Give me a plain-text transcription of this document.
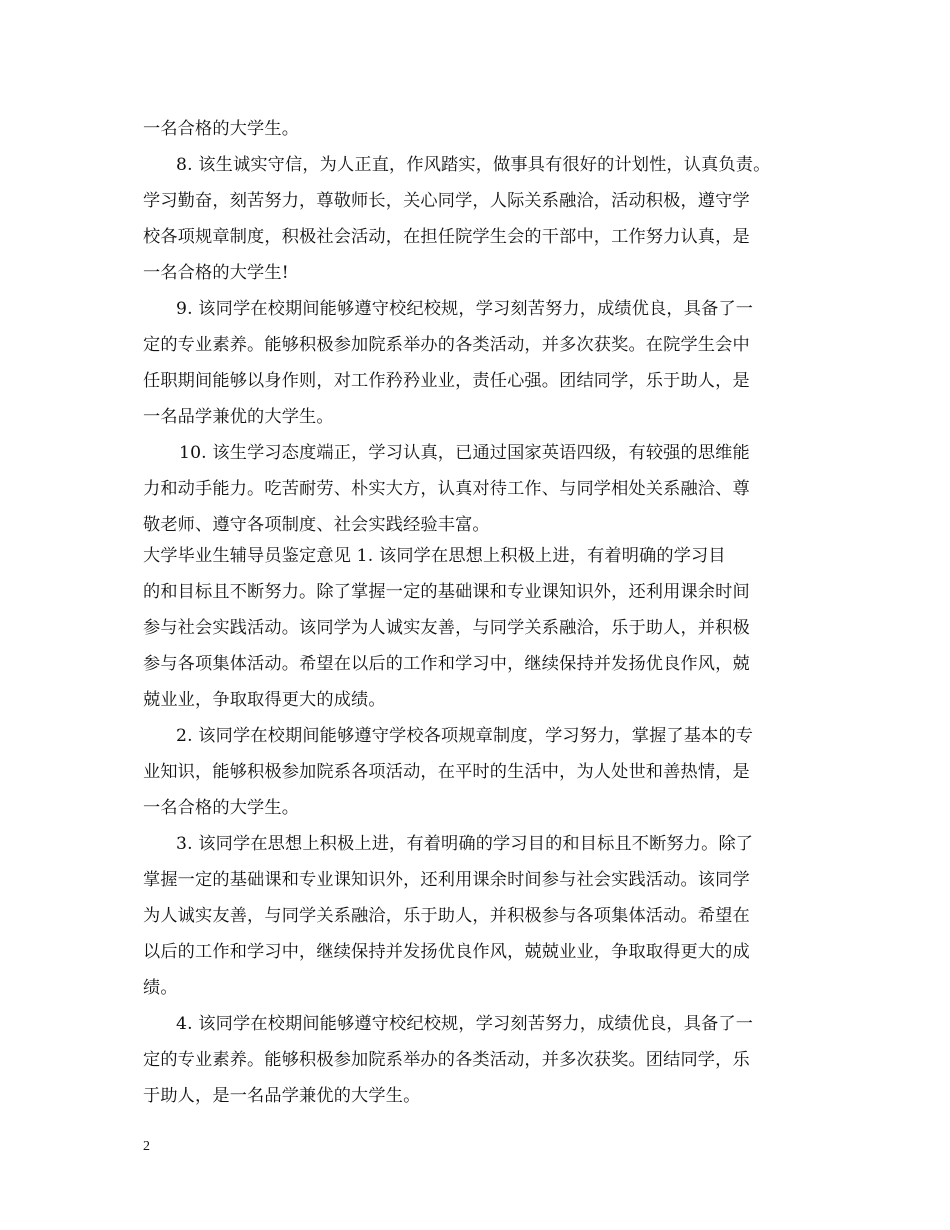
一名合格的大学生。
8. 该生诚实守信，为人正直，作风踏实，做事具有很好的计划性，认真负责。
学习勤奋，刻苦努力，尊敬师长，关心同学，人际关系融洽，活动积极，遵守学
校各项规章制度，积极社会活动，在担任院学生会的干部中，工作努力认真，是
一名合格的大学生!
9. 该同学在校期间能够遵守校纪校规，学习刻苦努力，成绩优良，具备了一
定的专业素养。能够积极参加院系举办的各类活动，并多次获奖。在院学生会中
任职期间能够以身作则，对工作矜矜业业，责任心强。团结同学，乐于助人，是
一名品学兼优的大学生。
10. 该生学习态度端正，学习认真，已通过国家英语四级，有较强的思维能
力和动手能力。吃苦耐劳、朴实大方，认真对待工作、与同学相处关系融洽、尊
敬老师、遵守各项制度、社会实践经验丰富。
大学毕业生辅导员鉴定意见 1. 该同学在思想上积极上进，有着明确的学习目
的和目标且不断努力。除了掌握一定的基础课和专业课知识外，还利用课余时间
参与社会实践活动。该同学为人诚实友善，与同学关系融洽，乐于助人，并积极
参与各项集体活动。希望在以后的工作和学习中，继续保持并发扬优良作风，兢
兢业业，争取取得更大的成绩。
2. 该同学在校期间能够遵守学校各项规章制度，学习努力，掌握了基本的专
业知识，能够积极参加院系各项活动，在平时的生活中，为人处世和善热情，是
一名合格的大学生。
3. 该同学在思想上积极上进，有着明确的学习目的和目标且不断努力。除了
掌握一定的基础课和专业课知识外，还利用课余时间参与社会实践活动。该同学
为人诚实友善，与同学关系融洽，乐于助人，并积极参与各项集体活动。希望在
以后的工作和学习中，继续保持并发扬优良作风，兢兢业业，争取取得更大的成
绩。
4. 该同学在校期间能够遵守校纪校规，学习刻苦努力，成绩优良，具备了一
定的专业素养。能够积极参加院系举办的各类活动，并多次获奖。团结同学，乐
于助人，是一名品学兼优的大学生。
2
